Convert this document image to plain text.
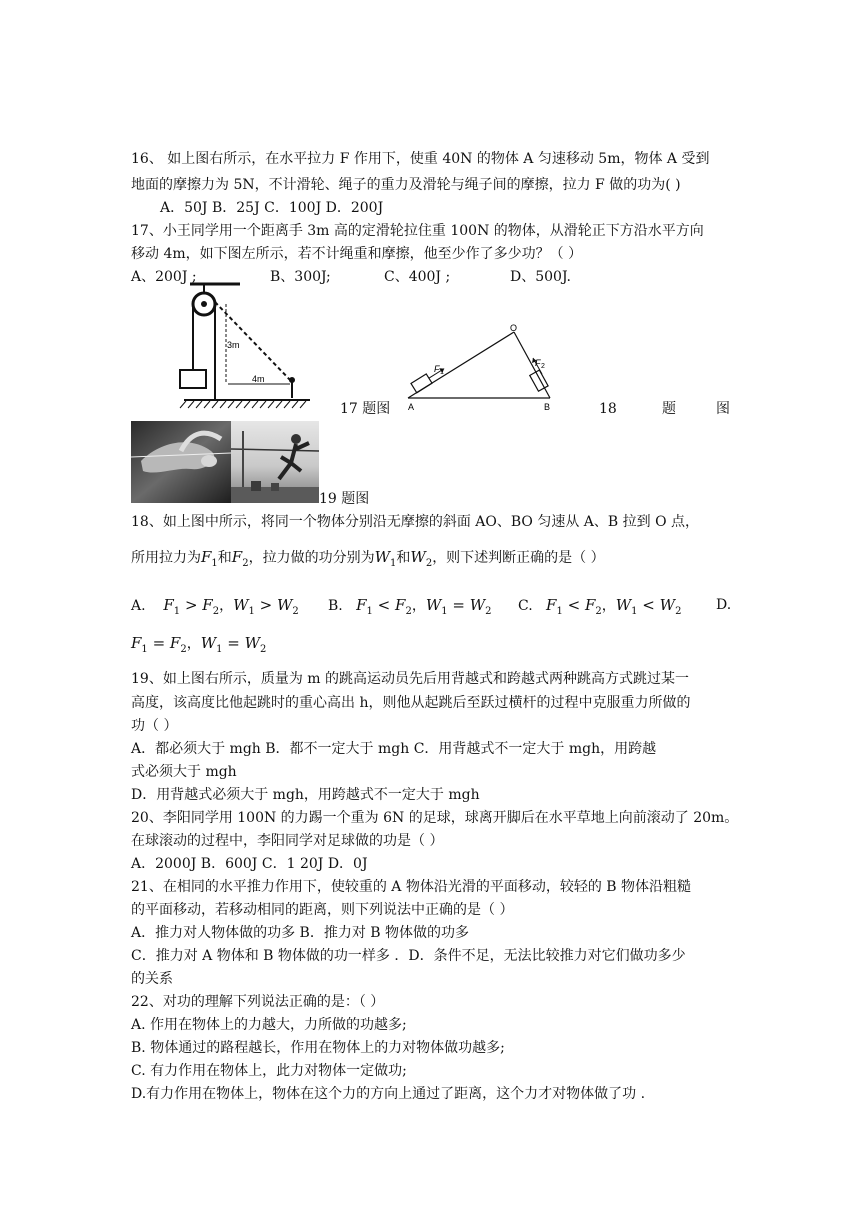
16、 如上图右所示，在水平拉力 F 作用下，使重 40N 的物体 A 匀速移动 5m，物体 A 受到
地面的摩擦力为 5N，不计滑轮、绳子的重力及滑轮与绳子间的摩擦，拉力 F 做的功为( )
A．50J B．25J C．100J D．200J
17、小王同学用一个距离手 3m 高的定滑轮拉住重 100N 的物体，从滑轮正下方沿水平方向
移动 4m，如下图左所示，若不计绳重和摩擦，他至少作了多少功？（ ）
A、200J ;	B、300J;	C、400J ;	D、500J.
3m
4m
17 题图
O
A	B
F 1
F 2
18	题	图
19 题图
18、如上图中所示，将同一个物体分别沿无摩擦的斜面 AO、BO 匀速从 A、B 拉到 O 点，
所用拉力为$F_1$和$F_2$，拉力做的功分别为$W_1$和$W_2$，则下述判断正确的是（ ）
A. $F_1 > F_2$，$W_1 > W_2$ B. $F_1 < F_2$，$W_1 = W_2$ C. $F_1 < F_2$，$W_1 < W_2$ D.
$F_1 = F_2$，$W_1 = W_2$
19、如上图右所示，质量为 m 的跳高运动员先后用背越式和跨越式两种跳高方式跳过某一
高度，该高度比他起跳时的重心高出 h，则他从起跳后至跃过横杆的过程中克服重力所做的
功（ ）
A．都必须大于 mgh B．都不一定大于 mgh C．用背越式不一定大于 mgh，用跨越
式必须大于 mgh
D．用背越式必须大于 mgh，用跨越式不一定大于 mgh
20、李阳同学用 100N 的力踢一个重为 6N 的足球，球离开脚后在水平草地上向前滚动了 20m。
在球滚动的过程中，李阳同学对足球做的功是（ ）
A．2000J B．600J C．1 20J D．0J
21、在相同的水平推力作用下，使较重的 A 物体沿光滑的平面移动，较轻的 B 物体沿粗糙
的平面移动，若移动相同的距离，则下列说法中正确的是（ ）
A．推力对人物体做的功多 B．推力对 B 物体做的功多
C．推力对 A 物体和 B 物体做的功一样多 ．D．条件不足，无法比较推力对它们做功多少
的关系
22、对功的理解下列说法正确的是：（ ）
A. 作用在物体上的力越大，力所做的功越多;
B. 物体通过的路程越长，作用在物体上的力对物体做功越多;
C. 有力作用在物体上，此力对物体一定做功;
D.有力作用在物体上，物体在这个力的方向上通过了距离，这个力才对物体做了功 .
